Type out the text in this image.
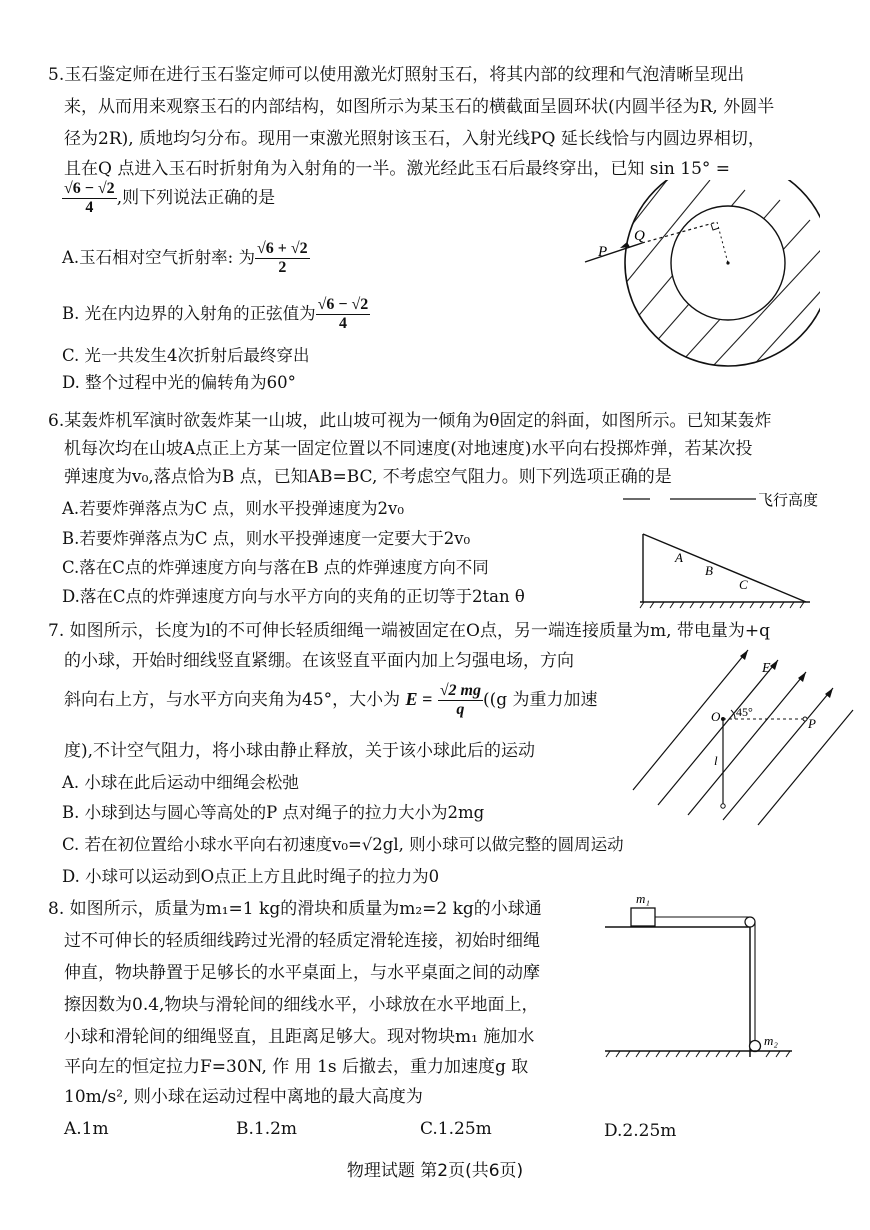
5.玉石鉴定师在进行玉石鉴定师可以使用激光灯照射玉石，将其内部的纹理和气泡清晰呈现出
来，从而用来观察玉石的内部结构，如图所示为某玉石的横截面呈圆环状(内圆半径为R, 外圆半
径为2R), 质地均匀分布。现用一束激光照射该玉石，入射光线PQ 延长线恰与内圆边界相切，
且在Q 点进入玉石时折射角为入射角的一半。激光经此玉石后最终穿出，已知 sin 15° =
$\frac{√6 - √2}{4}$ ,则下列说法正确的是
A.玉石相对空气折射率: 为 $\frac{√6 + √2}{2}$
B. 光在内边界的入射角的正弦值为 $\frac{√6 - √2}{4}$
C. 光一共发生4次折射后最终穿出
D. 整个过程中光的偏转角为60°
P
Q
6.某轰炸机军演时欲轰炸某一山坡，此山坡可视为一倾角为θ固定的斜面，如图所示。已知某轰炸
机每次均在山坡A点正上方某一固定位置以不同速度(对地速度)水平向右投掷炸弹，若某次投
弹速度为v₀,落点恰为B 点，已知AB=BC, 不考虑空气阻力。则下列选项正确的是
A.若要炸弹落点为C 点，则水平投弹速度为2v₀
B.若要炸弹落点为C 点，则水平投弹速度一定要大于2v₀
C.落在C点的炸弹速度方向与落在B 点的炸弹速度方向不同
D.落在C点的炸弹速度方向与水平方向的夹角的正切等于2tan θ
飞行高度
A
B
C
7. 如图所示，长度为l的不可伸长轻质细绳一端被固定在O点，另一端连接质量为m, 带电量为+q
的小球，开始时细线竖直紧绷。在该竖直平面内加上匀强电场，方向
斜向右上方，与水平方向夹角为45°，大小为 $E = \frac{√2 mg}{q} ((g$ 为重力加速
度),不计空气阻力，将小球由静止释放，关于该小球此后的运动
A. 小球在此后运动中细绳会松弛
B. 小球到达与圆心等高处的P 点对绳子的拉力大小为2mg
C. 若在初位置给小球水平向右初速度v₀=√2gl, 则小球可以做完整的圆周运动
D. 小球可以运动到O点正上方且此时绳子的拉力为0
E
O	P
45°
l
8. 如图所示，质量为m₁=1 kg的滑块和质量为m₂=2 kg的小球通
过不可伸长的轻质细线跨过光滑的轻质定滑轮连接，初始时细绳
伸直，物块静置于足够长的水平桌面上，与水平桌面之间的动摩
擦因数为0.4,物块与滑轮间的细线水平，小球放在水平地面上，
小球和滑轮间的细绳竖直，且距离足够大。现对物块m₁ 施加水
平向左的恒定拉力F=30N, 作 用 1s 后撤去，重力加速度g 取
10m/s², 则小球在运动过程中离地的最大高度为
A.1m	B.1.2m	C.1.25m	D.2.25m
m₁
m₂
物理试题 第2页(共6页)
